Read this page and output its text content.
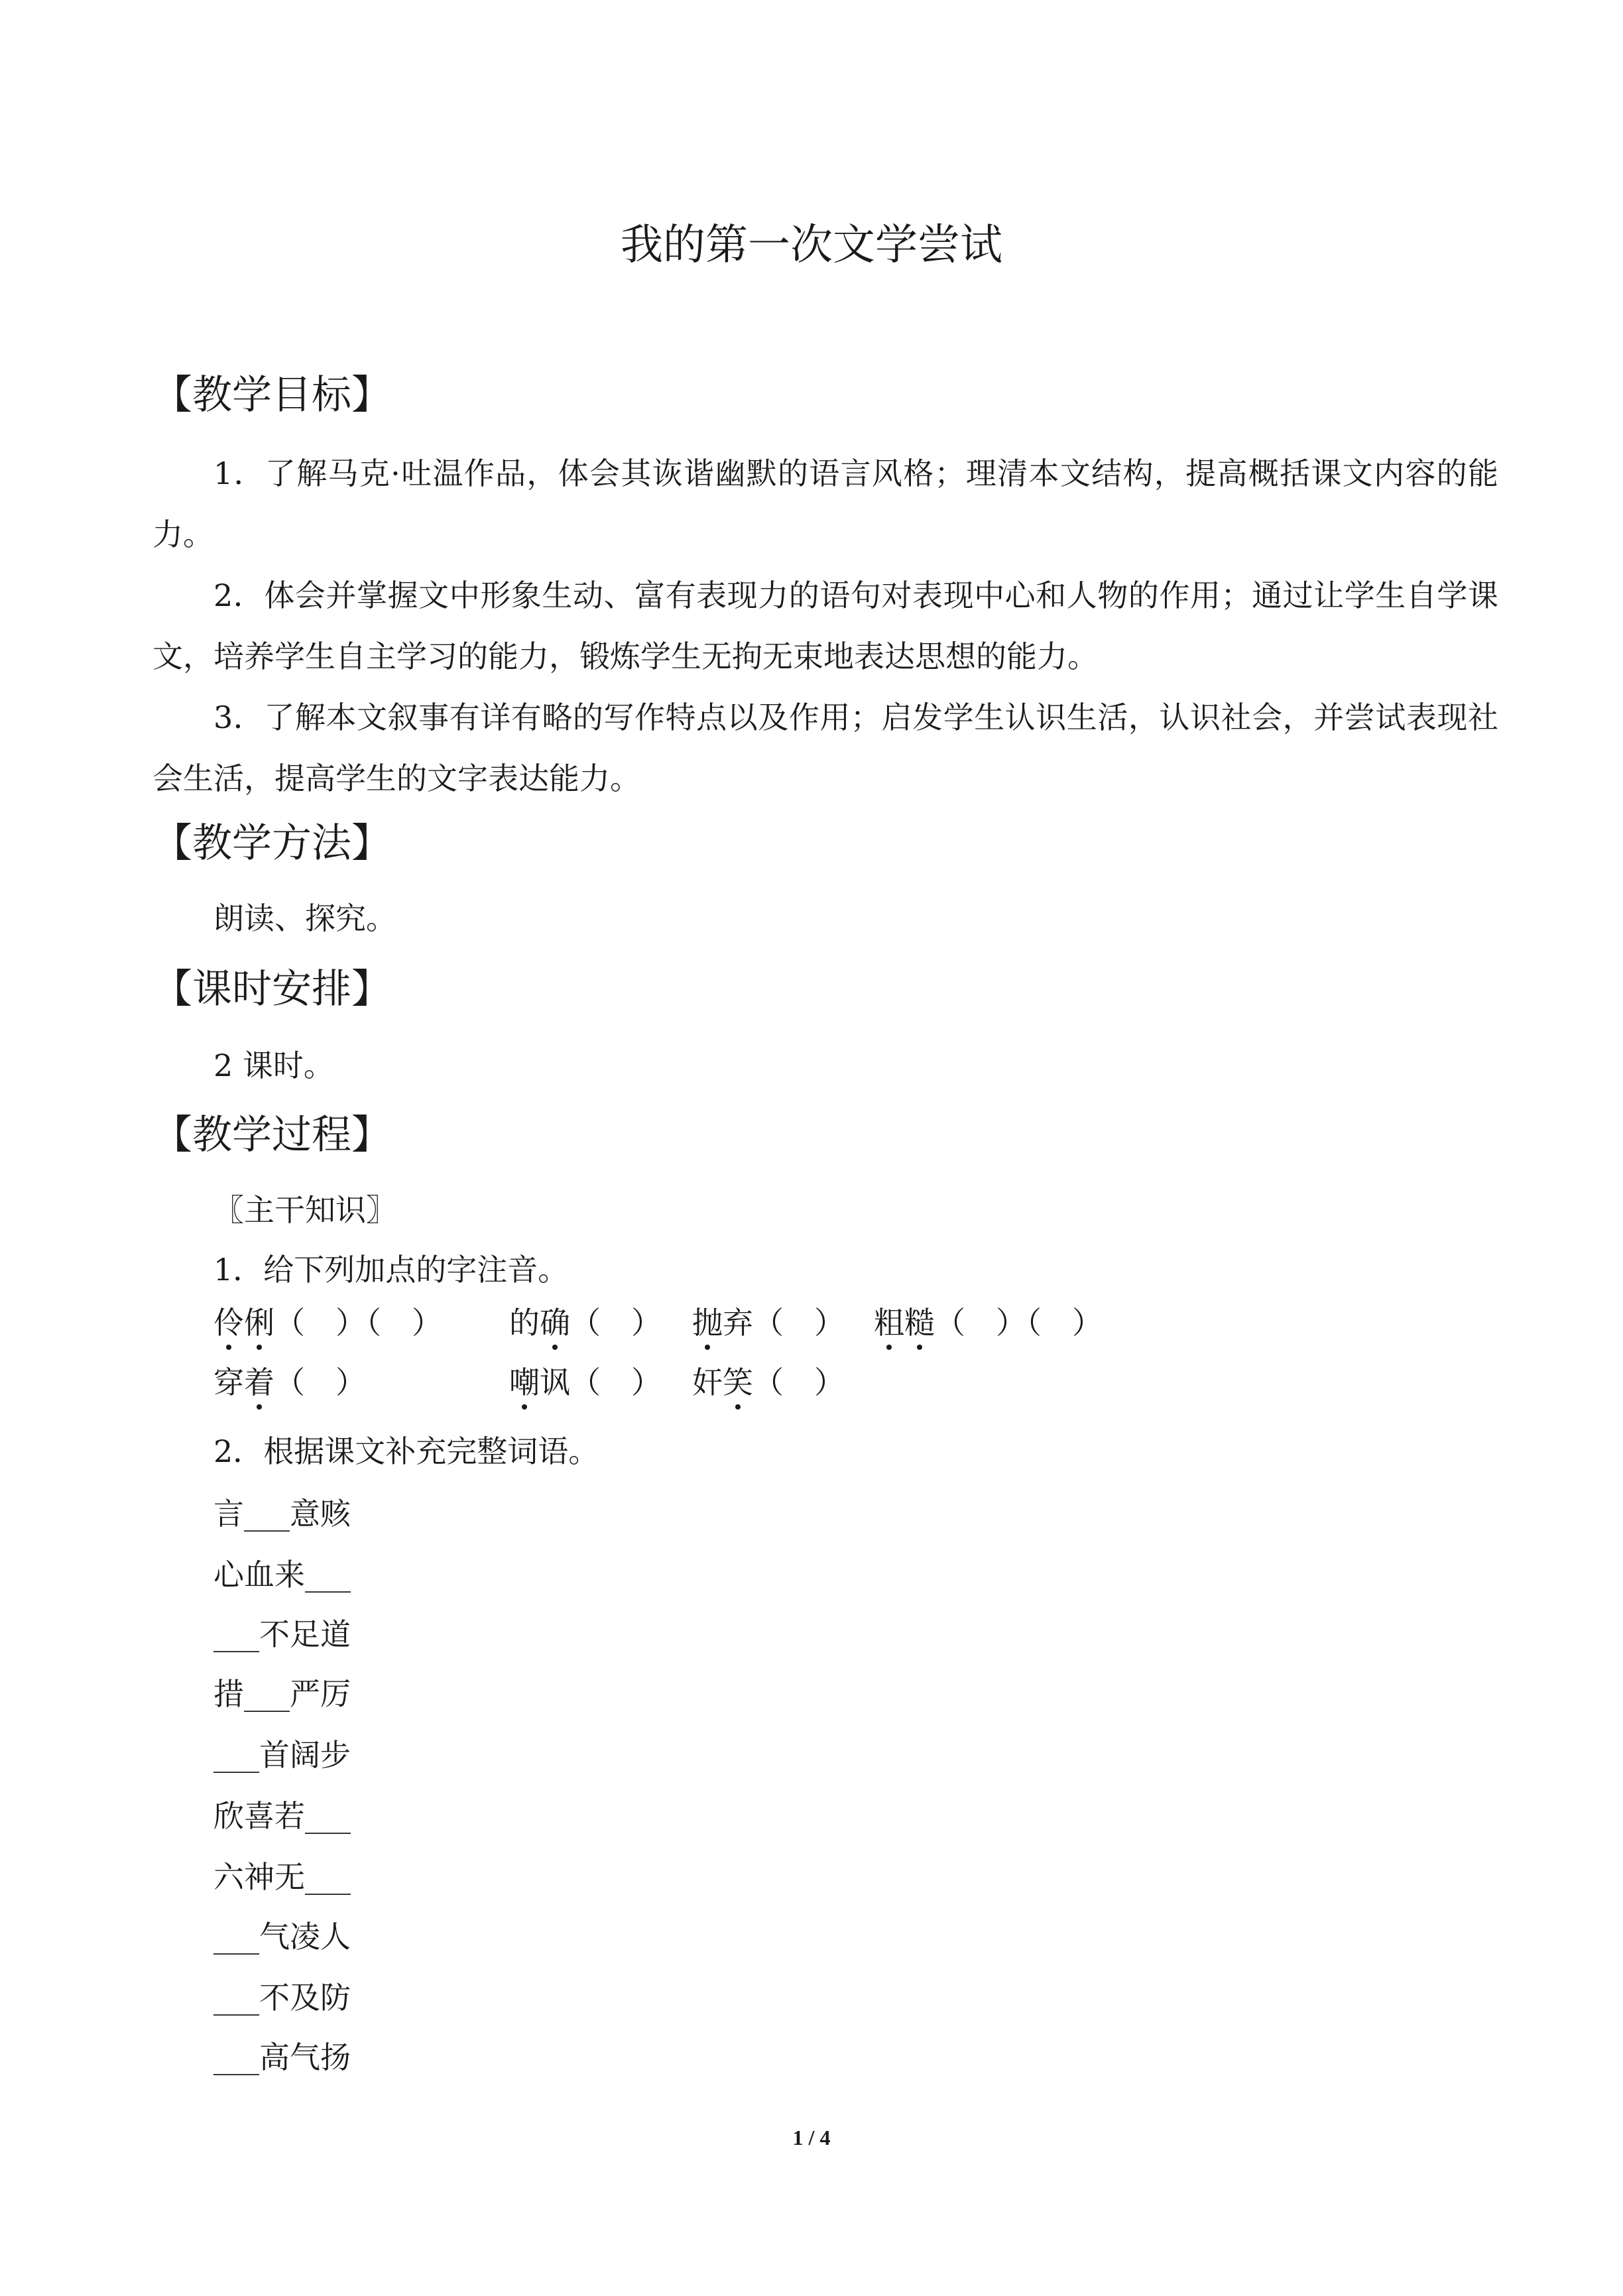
我的第一次文学尝试
【教学目标】
1．了解马克·吐温作品，体会其诙谐幽默的语言风格；理清本文结构，提高概括课文内容的能力。
2．体会并掌握文中形象生动、富有表现力的语句对表现中心和人物的作用；通过让学生自学课文，培养学生自主学习的能力，锻炼学生无拘无束地表达思想的能力。
3．了解本文叙事有详有略的写作特点以及作用；启发学生认识生活，认识社会，并尝试表现社会生活，提高学生的文字表达能力。
【教学方法】
朗读、探究。
【课时安排】
2 课时。
【教学过程】
〖主干知识〗
1．给下列加点的字注音。
伶俐（　）（　） 的确（　） 抛弃（　） 粗糙（　）（　）
穿着（　）	嘲讽（　） 奸笑（　）
2．根据课文补充完整词语。
言___意赅
心血来___
___不足道
措___严厉
___首阔步
欣喜若___
六神无___
___气凌人
___不及防
___高气扬
1 / 4
